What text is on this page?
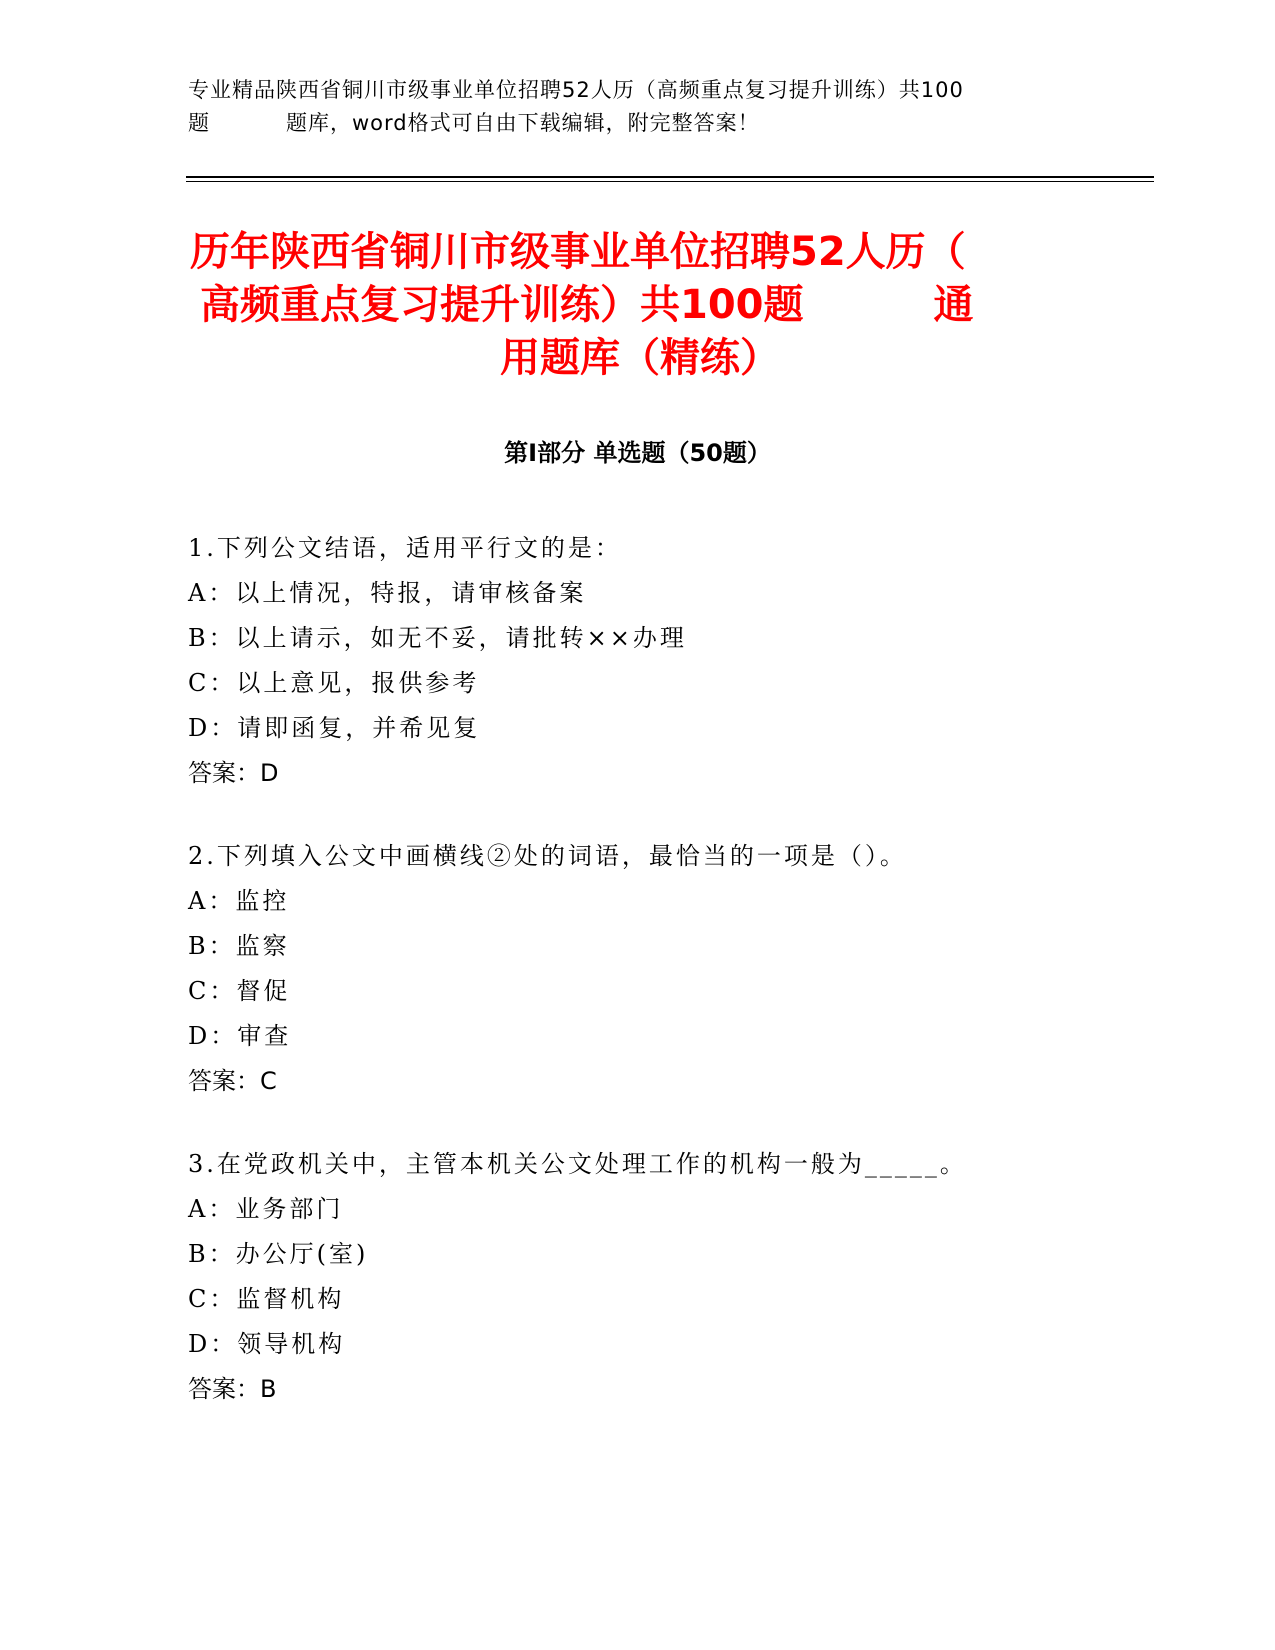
专业精品陕西省铜川市级事业单位招聘52人历（高频重点复习提升训练）共100
题	题库，word格式可自由下载编辑，附完整答案！
历年陕西省铜川市级事业单位招聘52人历（
高频重点复习提升训练）共100题	通
用题库（精练）
第Ⅰ部分 单选题（50题）
1.下列公文结语，适用平行文的是：
A：以上情况，特报，请审核备案
B：以上请示，如无不妥，请批转××办理
C：以上意见，报供参考
D：请即函复，并希见复
答案：D
2.下列填入公文中画横线②处的词语，最恰当的一项是（）。
A：监控
B：监察
C：督促
D：审查
答案：C
3.在党政机关中，主管本机关公文处理工作的机构一般为_____。
A：业务部门
B：办公厅(室)
C：监督机构
D：领导机构
答案：B
